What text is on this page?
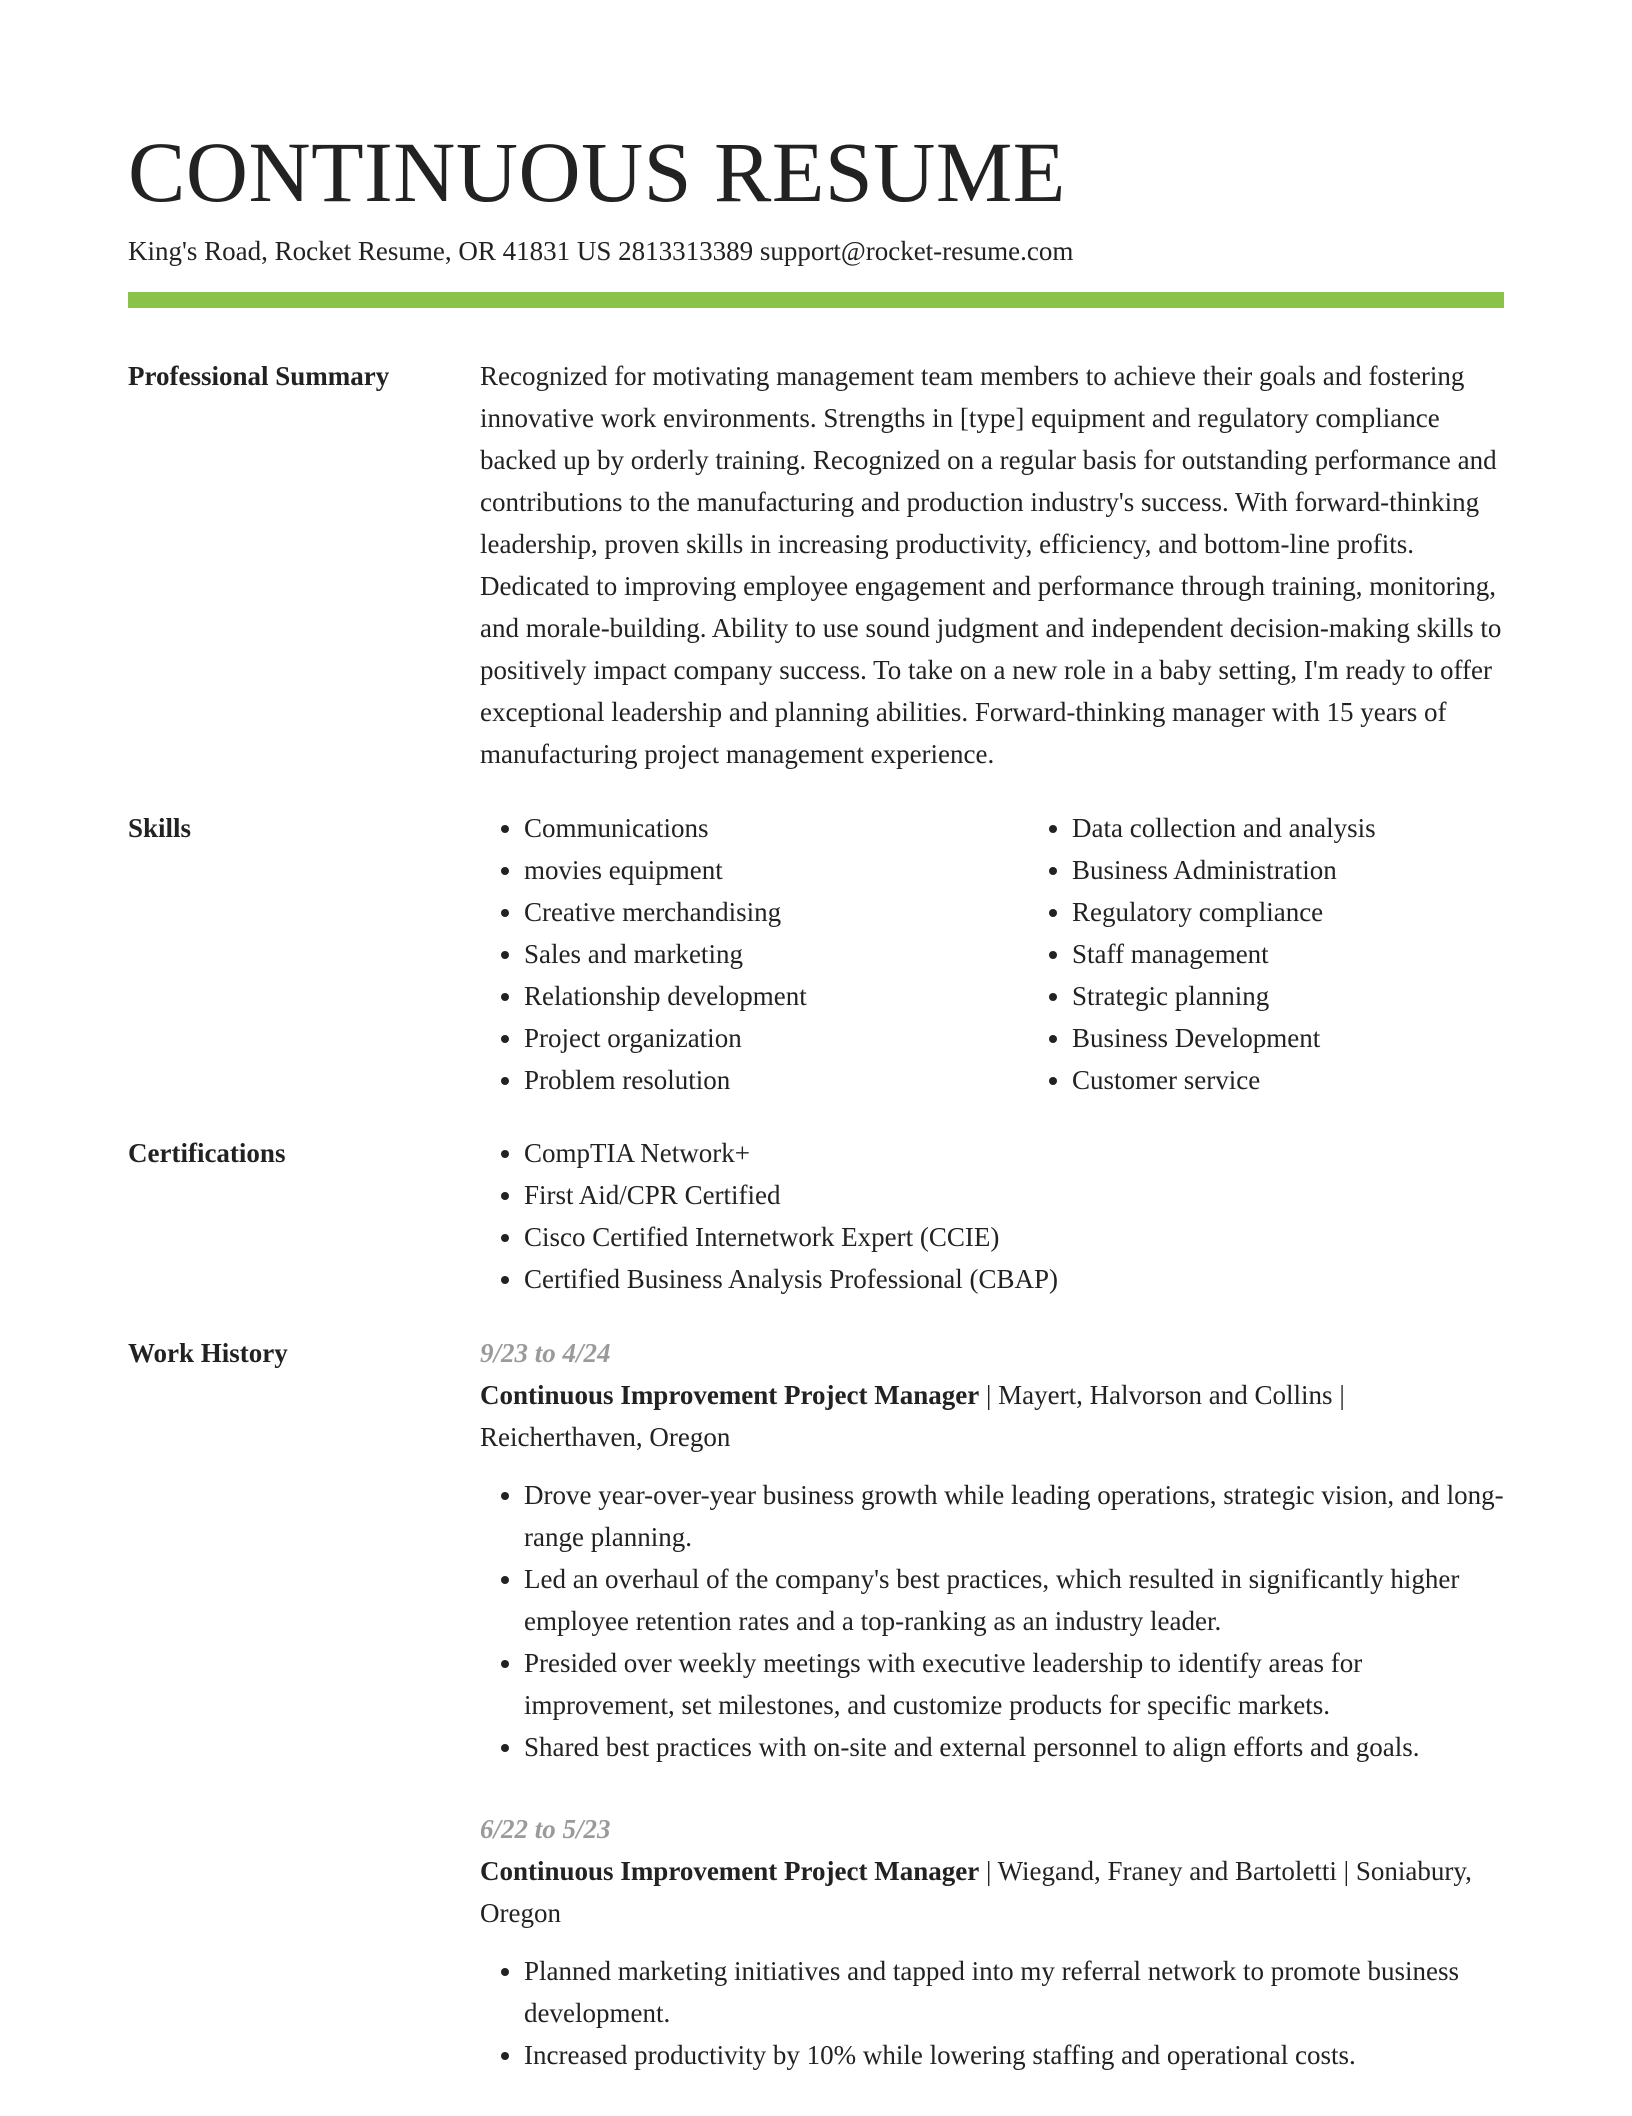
CONTINUOUS RESUME
King's Road, Rocket Resume, OR 41831 US 2813313389 support@rocket-resume.com
Professional Summary	Recognized for motivating management team members to achieve their goals and fostering innovative work environments. Strengths in [type] equipment and regulatory compliance backed up by orderly training. Recognized on a regular basis for outstanding performance and contributions to the manufacturing and production industry's success. With forward-thinking leadership, proven skills in increasing productivity, efficiency, and bottom-line profits. Dedicated to improving employee engagement and performance through training, monitoring, and morale-building. Ability to use sound judgment and independent decision-making skills to positively impact company success. To take on a new role in a baby setting, I'm ready to offer exceptional leadership and planning abilities. Forward-thinking manager with 15 years of manufacturing project management experience.

Skills	• Communications
• movies equipment
• Creative merchandising
• Sales and marketing
• Relationship development
• Project organization
• Problem resolution
• Data collection and analysis
• Business Administration
• Regulatory compliance
• Staff management
• Strategic planning
• Business Development
• Customer service
Certifications	• CompTIA Network+
• First Aid/CPR Certified
• Cisco Certified Internetwork Expert (CCIE)
• Certified Business Analysis Professional (CBAP)
Work History	9/23 to 4/24
Continuous Improvement Project Manager | Mayert, Halvorson and Collins | Reicherthaven, Oregon
• Drove year-over-year business growth while leading operations, strategic vision, and long-range planning.
• Led an overhaul of the company's best practices, which resulted in significantly higher employee retention rates and a top-ranking as an industry leader.
• Presided over weekly meetings with executive leadership to identify areas for improvement, set milestones, and customize products for specific markets.
• Shared best practices with on-site and external personnel to align efforts and goals.
6/22 to 5/23
Continuous Improvement Project Manager | Wiegand, Franey and Bartoletti | Soniabury, Oregon
• Planned marketing initiatives and tapped into my referral network to promote business development.
• Increased productivity by 10% while lowering staffing and operational costs.
